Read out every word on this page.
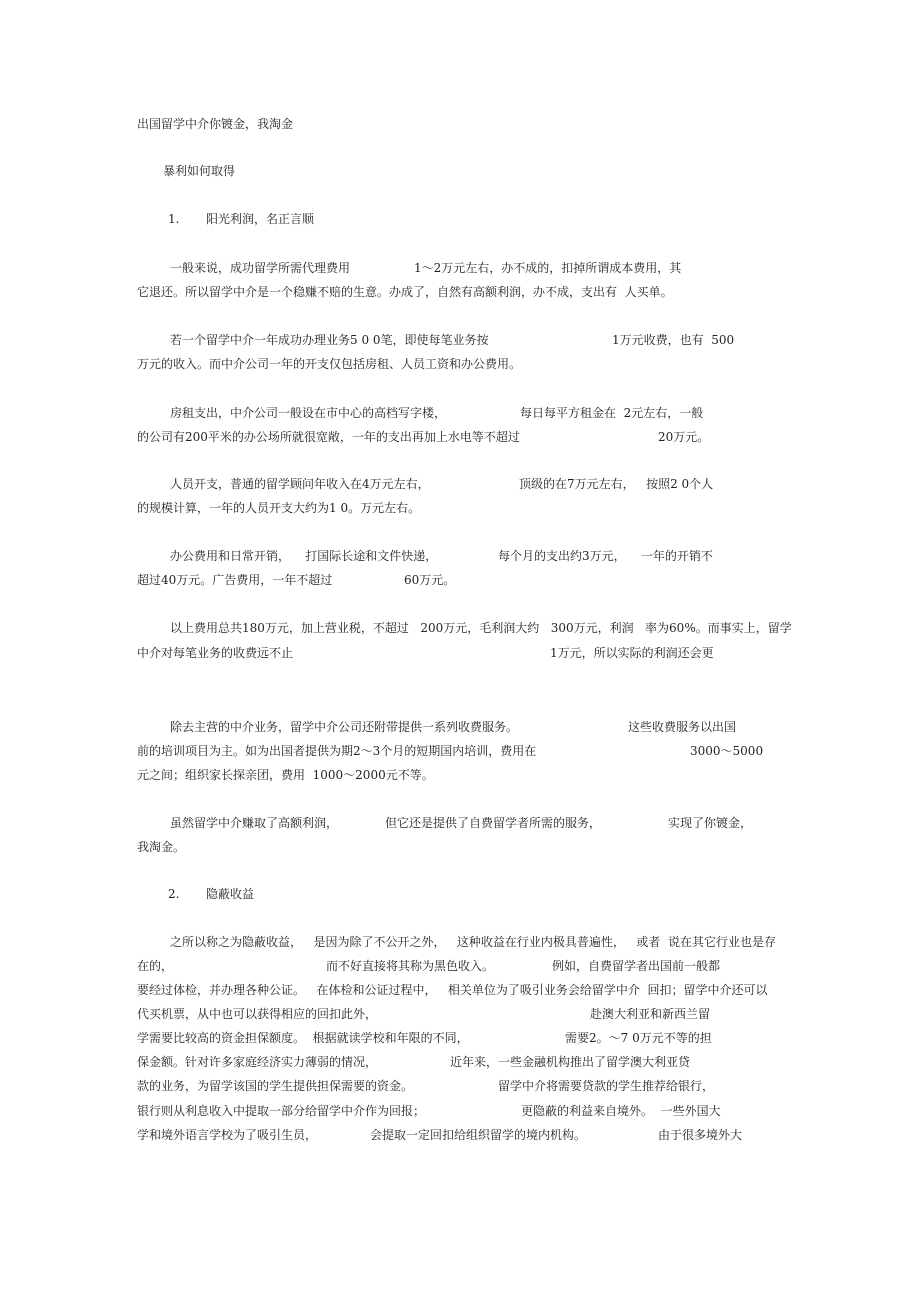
出国留学中介你镀金，我淘金
暴利如何取得
1. 阳光利润，名正言顺
一般来说，成功留学所需代理费用	1～2万元左右，办不成的，扣掉所谓成本费用，其
它退还。所以留学中介是一个稳赚不赔的生意。办成了，自然有高额利润，办不成，支出有  人买单。
若一个留学中介一年成功办理业务5 0 0笔，即使每笔业务按	1万元收费，也有  500
万元的收入。而中介公司一年的开支仅包括房租、人员工资和办公费用。
房租支出，中介公司一般设在市中心的高档写字楼，	每日每平方租金在  2元左右，一般
的公司有200平米的办公场所就很宽敞，一年的支出再加上水电等不超过	20万元。
人员开支，普通的留学顾问年收入在4万元左右，	顶级的在7万元左右，   按照2 0个人
的规模计算，一年的人员开支大约为1 0。万元左右。
办公费用和日常开销，    打国际长途和文件快递，	每个月的支出约3万元，    一年的开销不
超过40万元。广告费用，一年不超过	60万元。
以上费用总共180万元，加上营业税，不超过   200万元，毛利润大约   300万元，利润   率为60%。而事实上，留学
中介对每笔业务的收费远不止	1万元，所以实际的利润还会更
除去主营的中介业务，留学中介公司还附带提供一系列收费服务。	这些收费服务以出国
前的培训项目为主。如为出国者提供为期2～3个月的短期国内培训，费用在	3000～5000
元之间；组织家长探亲团，费用  1000～2000元不等。
虽然留学中介赚取了高额利润，	但它还是提供了自费留学者所需的服务，	实现了你镀金，
我淘金。
2. 隐蔽收益
之所以称之为隐蔽收益，   是因为除了不公开之外，   这种收益在行业内极具普遍性，   或者  说在其它行业也是存
在的，	而不好直接将其称为黑色收入。	例如，自费留学者出国前一般都
要经过体检，并办理各种公证。   在体检和公证过程中，   相关单位为了吸引业务会给留学中介  回扣；留学中介还可以
代买机票，从中也可以获得相应的回扣此外，	赴澳大利亚和新西兰留
学需要比较高的资金担保额度。  根据就读学校和年限的不同，	需要2。～7 0万元不等的担
保金额。针对许多家庭经济实力薄弱的情况，	近年来，一些金融机构推出了留学澳大利亚贷
款的业务，为留学该国的学生提供担保需要的资金。	留学中介将需要贷款的学生推荐给银行，
银行则从利息收入中提取一部分给留学中介作为回报；	更隐蔽的利益来自境外。  一些外国大
学和境外语言学校为了吸引生员，	会提取一定回扣给组织留学的境内机构。	由于很多境外大
